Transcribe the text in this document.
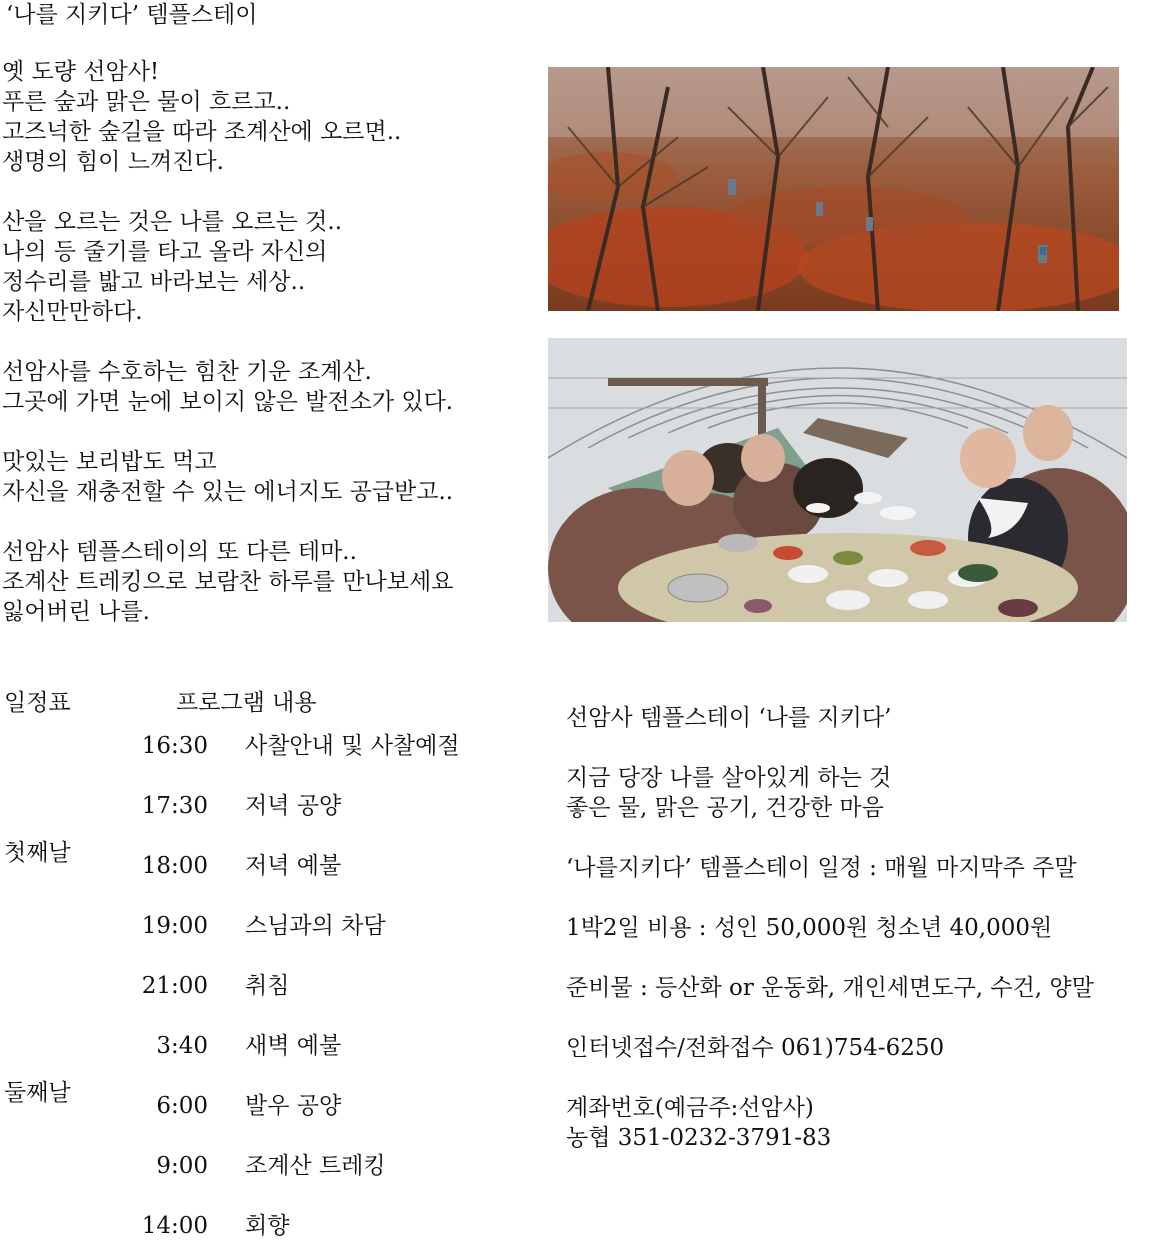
‘나를 지키다’ 템플스테이
옛 도량 선암사!
푸른 숲과 맑은 물이 흐르고..
고즈넉한 숲길을 따라 조계산에 오르면..
생명의 힘이 느껴진다.
산을 오르는 것은 나를 오르는 것..
나의 등 줄기를 타고 올라 자신의
정수리를 밟고 바라보는 세상..
자신만만하다.
선암사를 수호하는 힘찬 기운 조계산.
그곳에 가면 눈에 보이지 않은 발전소가 있다.
맛있는 보리밥도 먹고
자신을 재충전할 수 있는 에너지도 공급받고..
선암사 템플스테이의 또 다른 테마..
조계산 트레킹으로 보람찬 하루를 만나보세요
잃어버린 나를.
일정표	프로그램 내용
첫째날
둘째날
16:30 사찰안내 및 사찰예절
17:30 저녁 공양
18:00 저녁 예불
19:00 스님과의 차담
21:00 취침
3:40 새벽 예불
6:00 발우 공양
9:00 조계산 트레킹
14:00 회향
선암사 템플스테이 ‘나를 지키다’
지금 당장 나를 살아있게 하는 것
좋은 물, 맑은 공기, 건강한 마음
‘나를지키다’ 템플스테이 일정 : 매월 마지막주 주말
1박2일 비용 : 성인 50,000원 청소년 40,000원
준비물 : 등산화 or 운동화, 개인세면도구, 수건, 양말
인터넷접수/전화접수 061)754-6250
계좌번호(예금주:선암사)
농협 351-0232-3791-83
